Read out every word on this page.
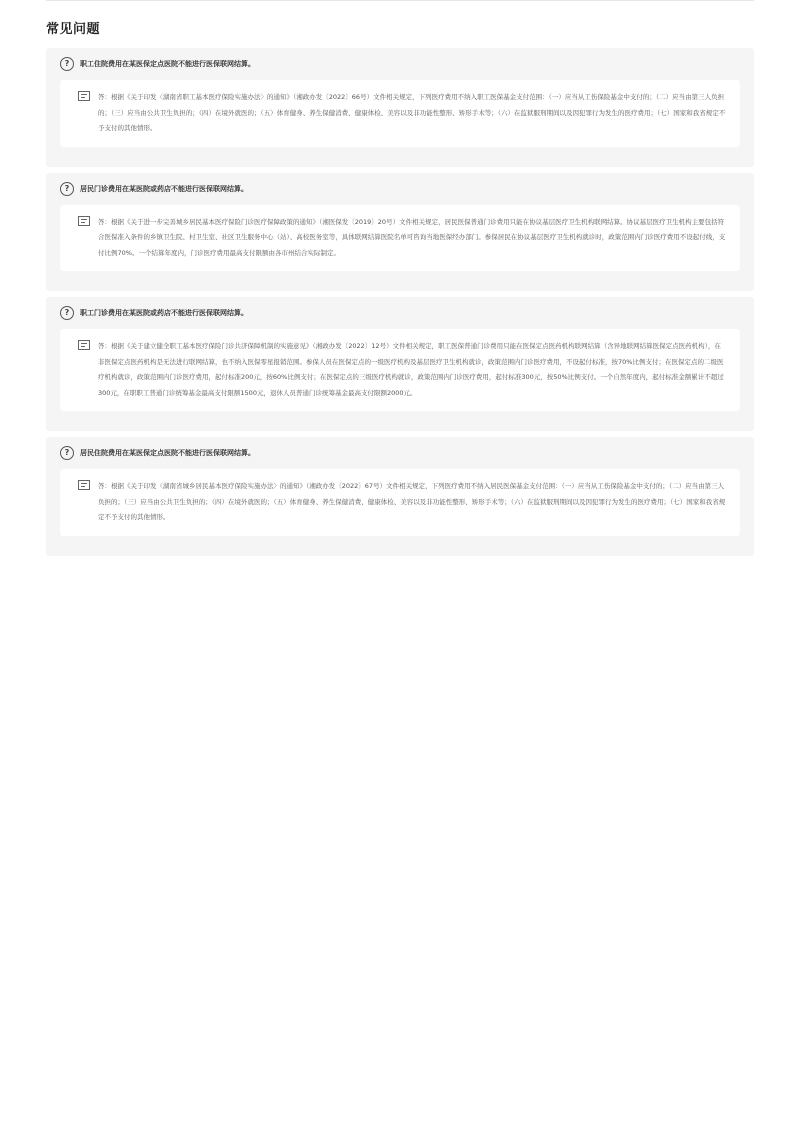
常见问题
?	职工住院费用在某医保定点医院不能进行医保联网结算。
答：根据《关于印发〈湖南省职工基本医疗保险实施办法〉的通知》（湘政办发〔2022〕66号）文件相关规定，下列医疗费用不纳入职工医保基金支付范围：（一）应当从工伤保险基金中支付的；（二）应当由第三人负担的；（三）应当由公共卫生负担的；（四）在境外就医的；（五）体育健身、养生保健消费、健康体检、美容以及非功能性整形、矫形手术等；（六）在监狱服刑期间以及因犯罪行为发生的医疗费用；（七）国家和我省规定不予支付的其他情形。
?	居民门诊费用在某医院或药店不能进行医保联网结算。
答：根据《关于进一步完善城乡居民基本医疗保险门诊医疗保障政策的通知》（湘医保发〔2019〕20号）文件相关规定，居民医保普通门诊费用只能在协议基层医疗卫生机构联网结算。协议基层医疗卫生机构主要包括符合医保准入条件的乡镇卫生院、村卫生室、社区卫生服务中心（站）、高校医务室等，具体联网结算医院名单可咨询当地医保经办部门。参保居民在协议基层医疗卫生机构就诊时，政策范围内门诊医疗费用不设起付线，支付比例70%。一个结算年度内，门诊医疗费用最高支付限额由各市州结合实际制定。
?	职工门诊费用在某医院或药店不能进行医保联网结算。
答：根据《关于建立健全职工基本医疗保险门诊共济保障机制的实施意见》（湘政办发〔2022〕12号）文件相关规定，职工医保普通门诊费用只能在医保定点医药机构联网结算（含异地联网结算医保定点医药机构），在非医保定点医药机构是无法进行联网结算，也不纳入医保零星报销范围。参保人员在医保定点的一级医疗机构及基层医疗卫生机构就诊，政策范围内门诊医疗费用，不设起付标准，按70%比例支付；在医保定点的二级医疗机构就诊，政策范围内门诊医疗费用，起付标准200元，按60%比例支付；在医保定点的三级医疗机构就诊，政策范围内门诊医疗费用，起付标准300元，按50%比例支付。一个自然年度内，起付标准金额累计不超过300元，在职职工普通门诊统筹基金最高支付限额1500元，退休人员普通门诊统筹基金最高支付限额2000元。
?	居民住院费用在某医保定点医院不能进行医保联网结算。
答：根据《关于印发〈湖南省城乡居民基本医疗保险实施办法〉的通知》（湘政办发〔2022〕67号）文件相关规定，下列医疗费用不纳入居民医保基金支付范围：（一）应当从工伤保险基金中支付的；（二）应当由第三人负担的；（三）应当由公共卫生负担的；（四）在境外就医的；（五）体育健身、养生保健消费、健康体检、美容以及非功能性整形、矫形手术等；（六）在监狱服刑期间以及因犯罪行为发生的医疗费用；（七）国家和我省规定不予支付的其他情形。
